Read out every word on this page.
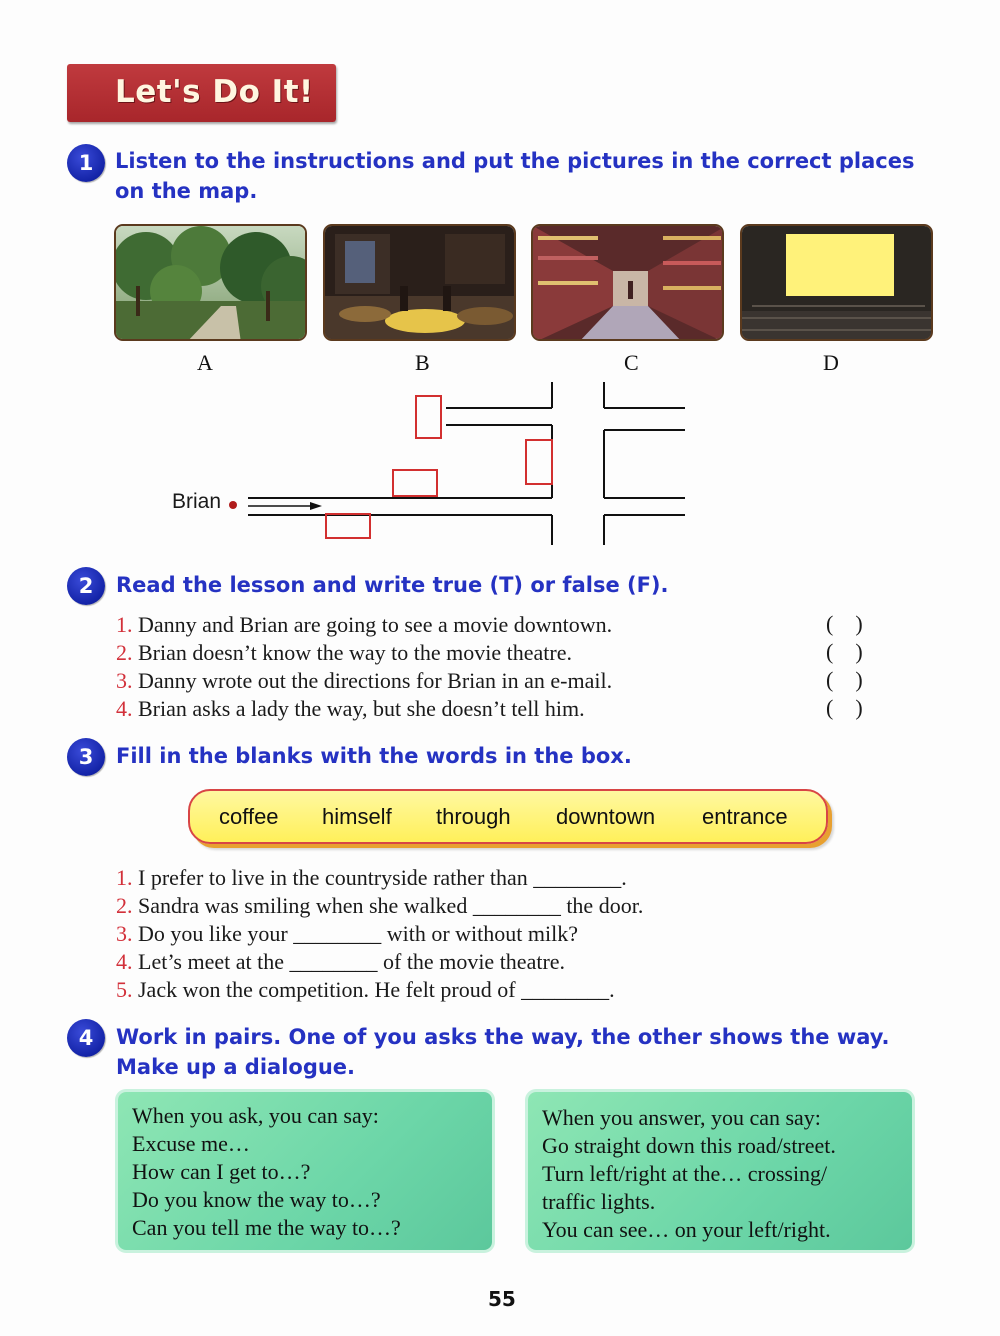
Let's Do It!
1	Listen to the instructions and put the pictures in the correct places
on the map.
A	B	C	D
Brian
2	Read the lesson and write true (T) or false (F).
1. Danny and Brian are going to see a movie downtown.	(    )
2. Brian doesn’t know the way to the movie theatre.	(    )
3. Danny wrote out the directions for Brian in an e-mail.	(    )
4. Brian asks a lady the way, but she doesn’t tell him.	(    )
3	Fill in the blanks with the words in the box.
coffee himself through downtown entrance
1. I prefer to live in the countryside rather than ________.
2. Sandra was smiling when she walked ________ the door.
3. Do you like your ________ with or without milk?
4. Let’s meet at the ________ of the movie theatre.
5. Jack won the competition. He felt proud of ________.
4	Work in pairs. One of you asks the way, the other shows the way.
Make up a dialogue.
When you ask, you can say:
Excuse me…
How can I get to…?
Do you know the way to…?
Can you tell me the way to…?
When you answer, you can say:
Go straight down this road/street.
Turn left/right at the… crossing/
traffic lights.
You can see… on your left/right.
55
